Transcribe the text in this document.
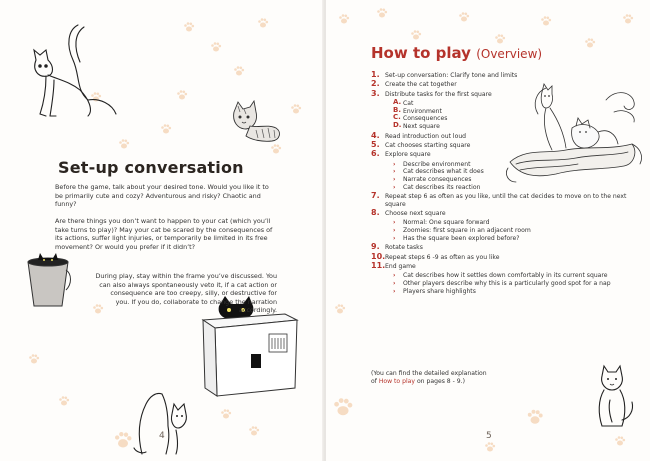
Set-up conversation
Before the game, talk about your desired tone. Would you like it to be primarily cute and cozy? Adventurous and risky? Chaotic and funny?
Are there things you don’t want to happen to your cat (which you’ll take turns to play)? May your cat be scared by the consequences of its actions, suffer light injuries, or temporarily be limited in its free movement? Or would you prefer if it didn’t?
During play, stay within the frame you’ve discussed. You can also always spontaneously veto it, if a cat action or consequence are too creepy, silly, or destructive for you. If you do, collaborate to change the narration accordingly.
4
How to play (Overview)
1. Set-up conversation: Clarify tone and limits
2. Create the cat together
3. Distribute tasks for the first square
A. Cat
B. Environment
C. Consequences
D. Next square
4. Read introduction out loud
5. Cat chooses starting square
6. Explore square
› Describe environment
› Cat describes what it does
› Narrate consequences
› Cat describes its reaction
7. Repeat step 6 as often as you like, until the cat decides to move on to the next square
8. Choose next square
› Normal: One square forward
› Zoomies: first square in an adjacent room
› Has the square been explored before?
9. Rotate tasks
10. Repeat steps 6 -9 as often as you like
11. End game
› Cat describes how it settles down comfortably in its current square
› Other players describe why this is a particularly good spot for a nap
› Players share highlights
(You can find the detailed explanation
of How to play on pages 8 - 9.)
5
